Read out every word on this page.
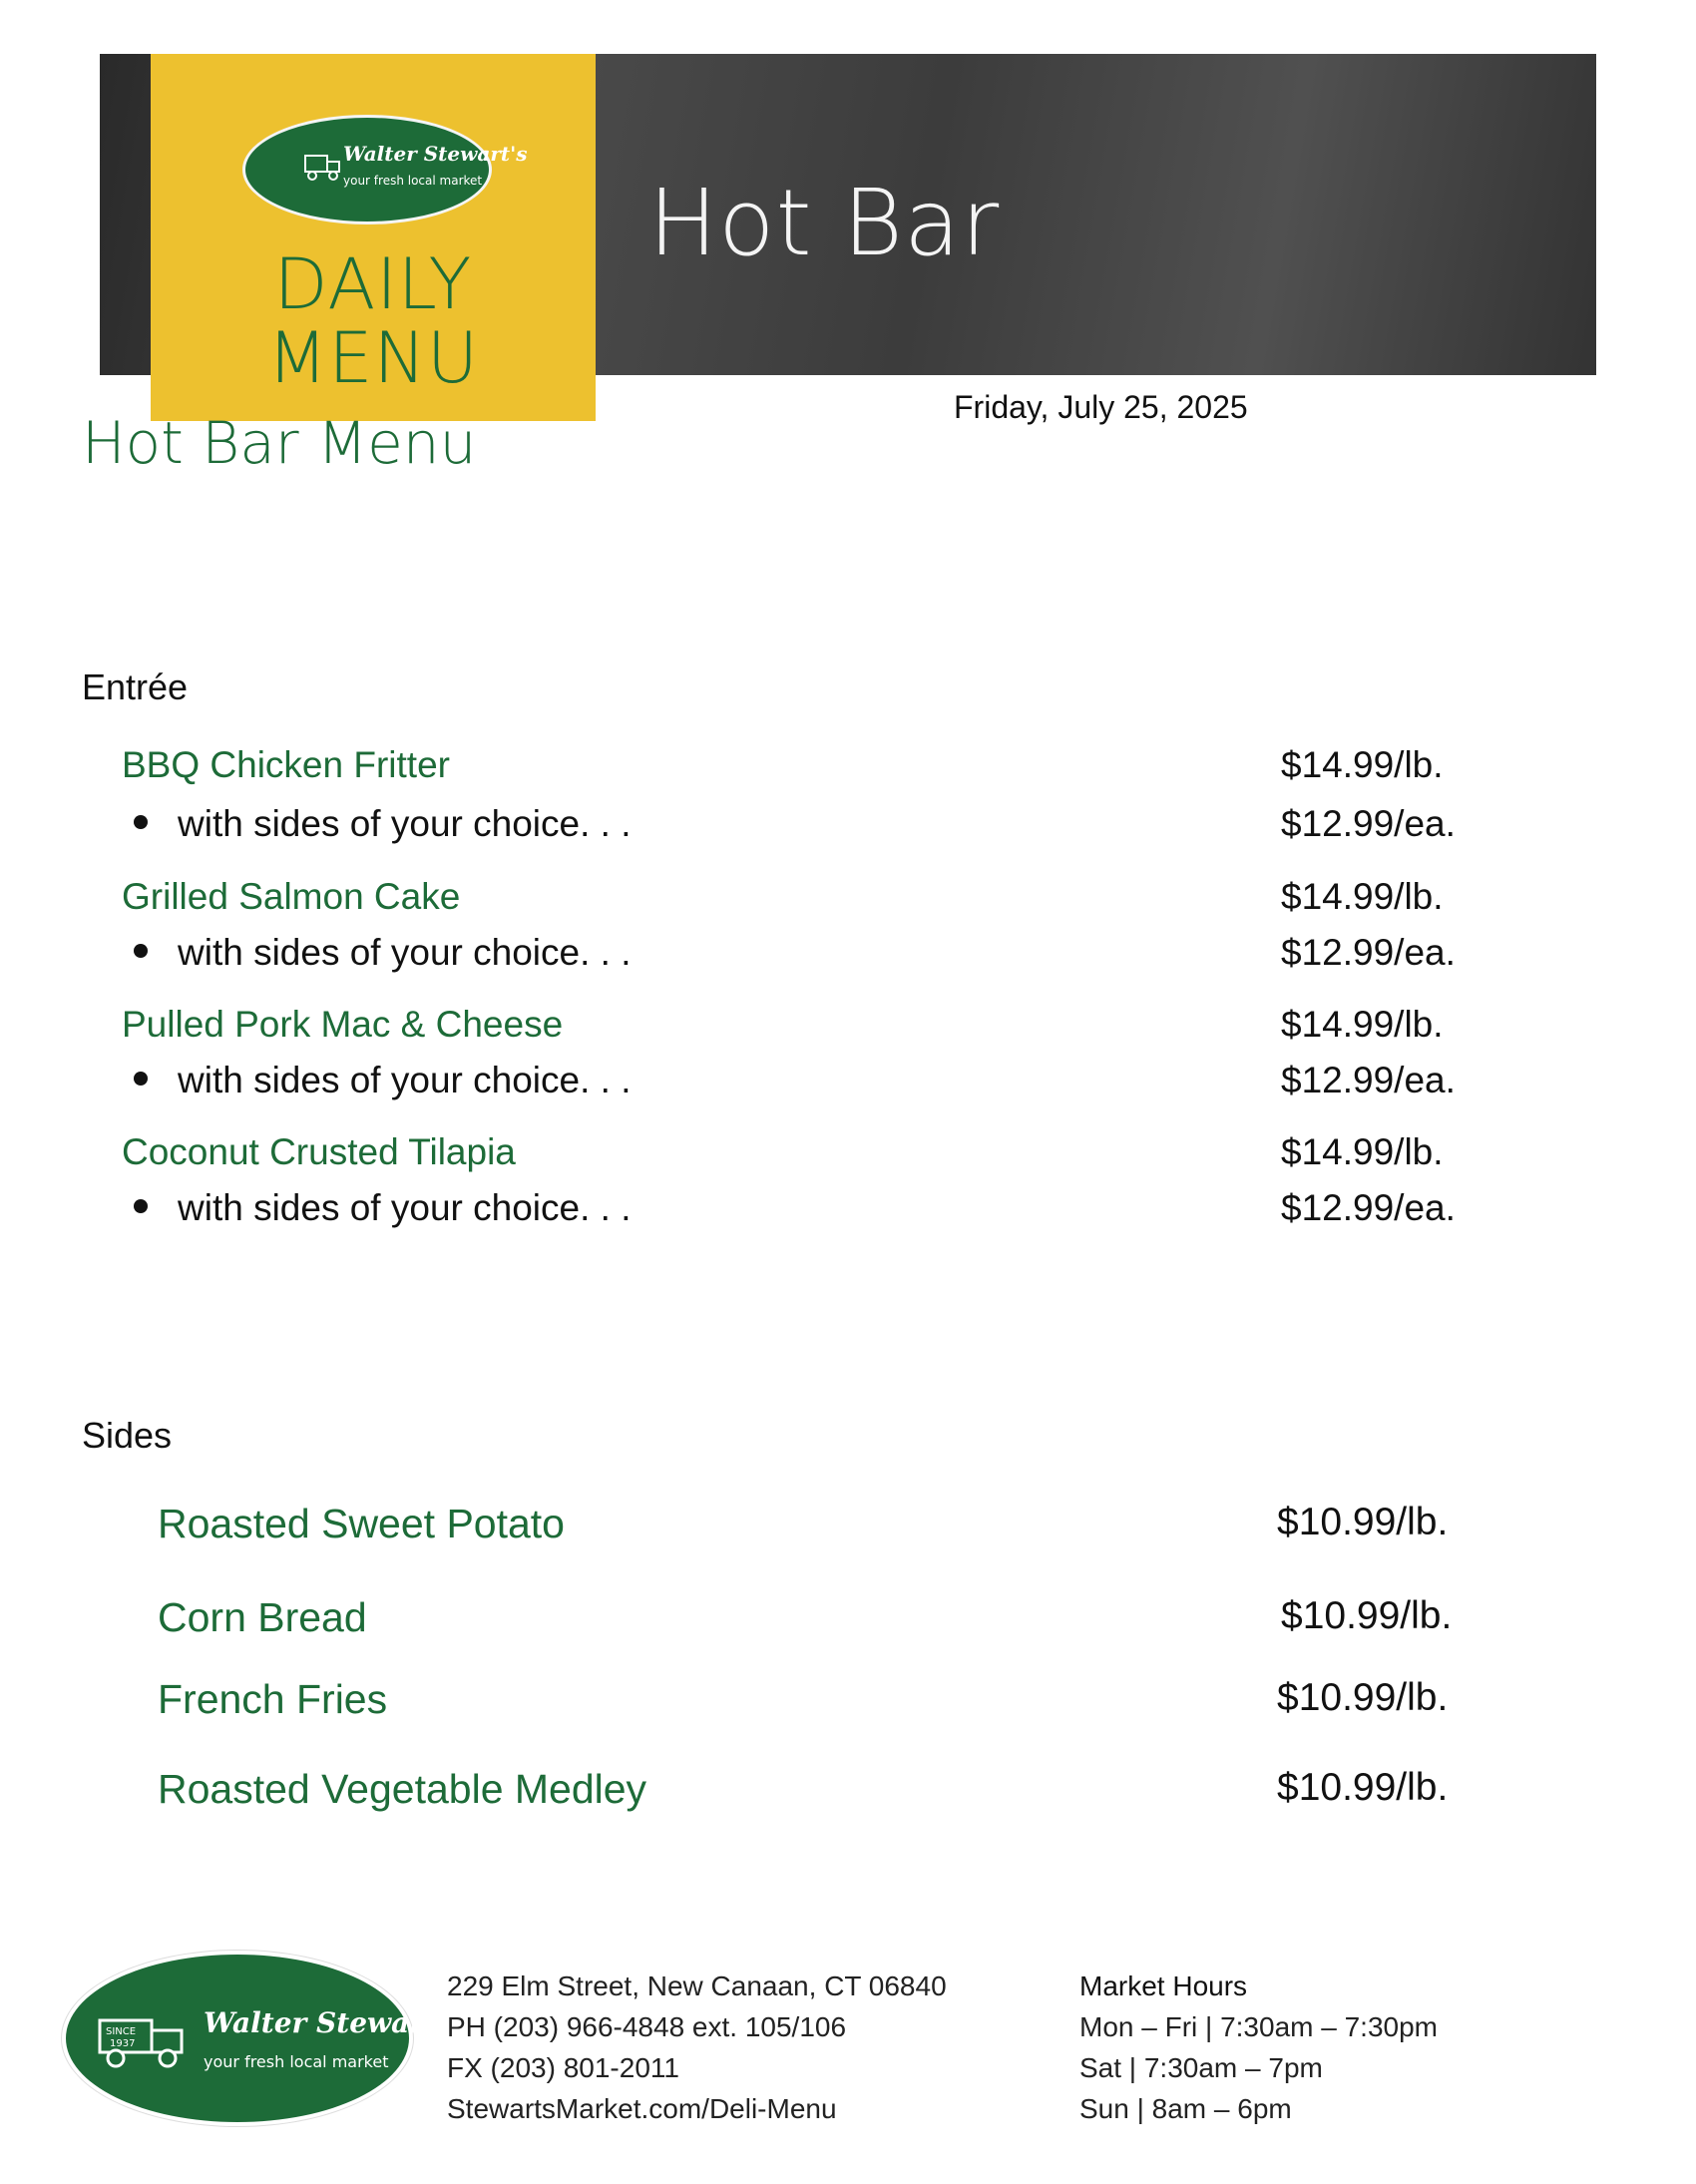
Hot Bar
Walter Stewart's
your fresh local market
DAILY
MENU
Hot Bar Menu
Friday, July 25, 2025
Entrée
BBQ Chicken Fritter	$14.99/lb.
with sides of your choice. . .	$12.99/ea.
Grilled Salmon Cake	$14.99/lb.
with sides of your choice. . .	$12.99/ea.
Pulled Pork Mac & Cheese	$14.99/lb.
with sides of your choice. . .	$12.99/ea.
Coconut Crusted Tilapia	$14.99/lb.
with sides of your choice. . .	$12.99/ea.
Sides
Roasted Sweet Potato	$10.99/lb.
Corn Bread	$10.99/lb.
French Fries	$10.99/lb.
Roasted Vegetable Medley	$10.99/lb.
SINCE
1937
Walter Stewart's
your fresh local market
229 Elm Street, New Canaan, CT 06840
PH (203) 966-4848 ext. 105/106
FX (203) 801-2011
StewartsMarket.com/Deli-Menu
Market Hours
Mon – Fri | 7:30am – 7:30pm
Sat | 7:30am – 7pm
Sun | 8am – 6pm
